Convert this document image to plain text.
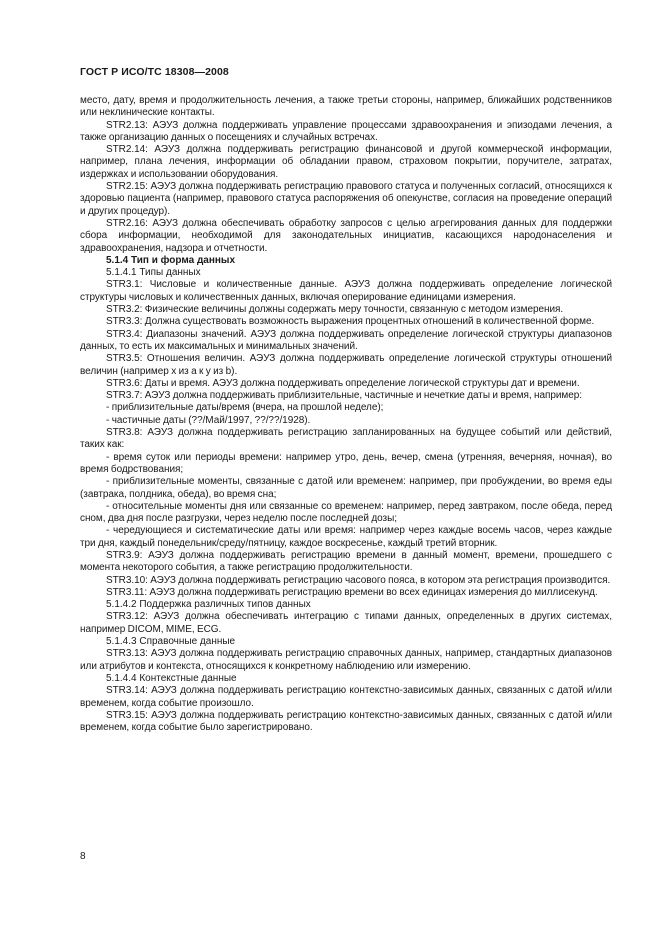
ГОСТ Р ИСО/ТС 18308—2008

место, дату, время и продолжительность лечения, а также третьи стороны, например, ближайших родственников или неклинические контакты.

STR2.13: АЭУЗ должна поддерживать управление процессами здравоохранения и эпизодами лечения, а также организацию данных о посещениях и случайных встречах.

STR2.14: АЭУЗ должна поддерживать регистрацию финансовой и другой коммерческой информации, например, плана лечения, информации об обладании правом, страховом покрытии, поручителе, затратах, издержках и использовании оборудования.

STR2.15: АЭУЗ должна поддерживать регистрацию правового статуса и полученных согласий, относящихся к здоровью пациента (например, правового статуса распоряжения об опекунстве, согласия на проведение операций и других процедур).

STR2.16: АЭУЗ должна обеспечивать обработку запросов с целью агрегирования данных для поддержки сбора информации, необходимой для законодательных инициатив, касающихся народонаселения и здравоохранения, надзора и отчетности.

5.1.4 Тип и форма данных

5.1.4.1 Типы данных

STR3.1: Числовые и количественные данные. АЭУЗ должна поддерживать определение логической структуры числовых и количественных данных, включая оперирование единицами измерения.

STR3.2: Физические величины должны содержать меру точности, связанную с методом измерения.

STR3.3: Должна существовать возможность выражения процентных отношений в количественной форме.

STR3.4: Диапазоны значений. АЭУЗ должна поддерживать определение логической структуры диапазонов данных, то есть их максимальных и минимальных значений.

STR3.5: Отношения величин. АЭУЗ должна поддерживать определение логической структуры отношений величин (например x из a к y из b).

STR3.6: Даты и время. АЭУЗ должна поддерживать определение логической структуры дат и времени.

STR3.7: АЭУЗ должна поддерживать приблизительные, частичные и нечеткие даты и время, например:

- приблизительные даты/время (вчера, на прошлой неделе);

- частичные даты (??/Май/1997, ??/??/1928).

STR3.8: АЭУЗ должна поддерживать регистрацию запланированных на будущее событий или действий, таких как:

- время суток или периоды времени: например утро, день, вечер, смена (утренняя, вечерняя, ночная), во время бодрствования;

- приблизительные моменты, связанные с датой или временем: например, при пробуждении, во время еды (завтрака, полдника, обеда), во время сна;

- относительные моменты дня или связанные со временем: например, перед завтраком, после обеда, перед сном, два дня после разгрузки, через неделю после последней дозы;

- чередующиеся и систематические даты или время: например через каждые восемь часов, через каждые три дня, каждый понедельник/среду/пятницу, каждое воскресенье, каждый третий вторник.

STR3.9: АЭУЗ должна поддерживать регистрацию времени в данный момент, времени, прошедшего с момента некоторого события, а также регистрацию продолжительности.

STR3.10: АЭУЗ должна поддерживать регистрацию часового пояса, в котором эта регистрация производится.

STR3.11: АЭУЗ должна поддерживать регистрацию времени во всех единицах измерения до миллисекунд.

5.1.4.2 Поддержка различных типов данных

STR3.12: АЭУЗ должна обеспечивать интеграцию с типами данных, определенных в других системах, например DICOM, MIME, ECG.

5.1.4.3 Справочные данные

STR3.13: АЭУЗ должна поддерживать регистрацию справочных данных, например, стандартных диапазонов или атрибутов и контекста, относящихся к конкретному наблюдению или измерению.

5.1.4.4 Контекстные данные

STR3.14: АЭУЗ должна поддерживать регистрацию контекстно-зависимых данных, связанных с датой и/или временем, когда событие произошло.

STR3.15: АЭУЗ должна поддерживать регистрацию контекстно-зависимых данных, связанных с датой и/или временем, когда событие было зарегистрировано.

8
